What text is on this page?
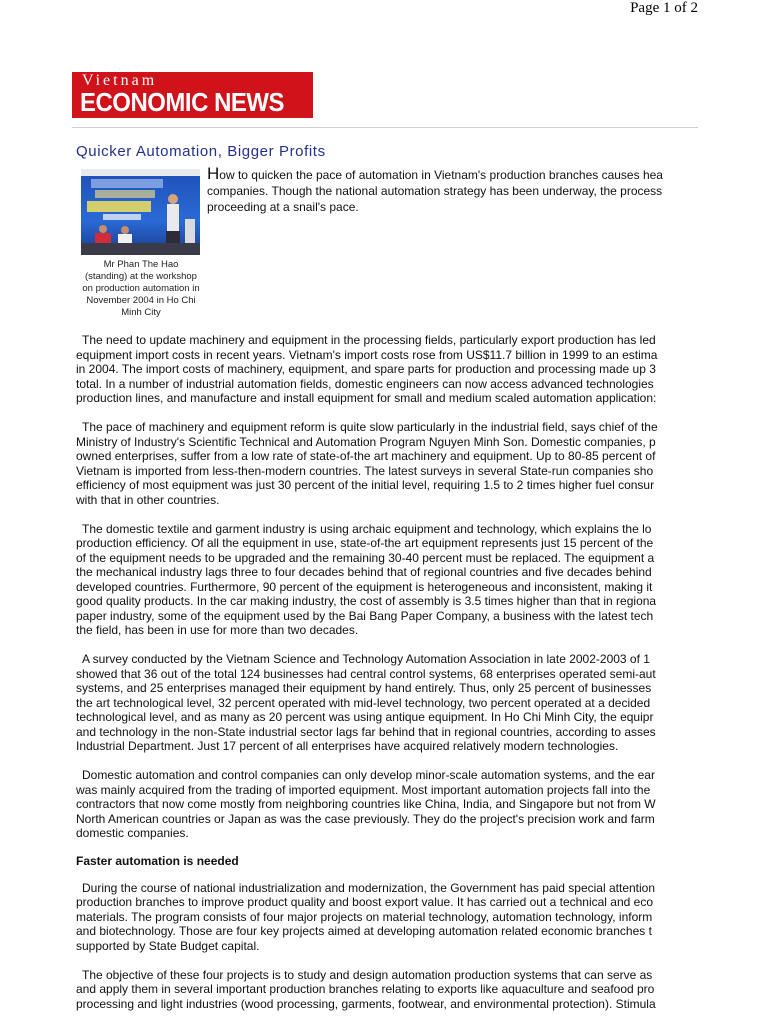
Page 1 of 2
Vietnam
ECONOMIC NEWS
Quicker Automation, Bigger Profits
Mr Phan The Hao
(standing) at the workshop
on production automation in
November 2004 in Ho Chi
Minh City
How to quicken the pace of automation in Vietnam's production branches causes hea
companies. Though the national automation strategy has been underway, the process
proceeding at a snail's pace.
The need to update machinery and equipment in the processing fields, particularly export production has led
equipment import costs in recent years. Vietnam's import costs rose from US$11.7 billion in 1999 to an estima
in 2004. The import costs of machinery, equipment, and spare parts for production and processing made up 3
total. In a number of industrial automation fields, domestic engineers can now access advanced technologies
production lines, and manufacture and install equipment for small and medium scaled automation application:
The pace of machinery and equipment reform is quite slow particularly in the industrial field, says chief of the
Ministry of Industry's Scientific Technical and Automation Program Nguyen Minh Son. Domestic companies, p
owned enterprises, suffer from a low rate of state-of-the art machinery and equipment. Up to 80-85 percent of
Vietnam is imported from less-then-modern countries. The latest surveys in several State-run companies sho
efficiency of most equipment was just 30 percent of the initial level, requiring 1.5 to 2 times higher fuel consur
with that in other countries.
The domestic textile and garment industry is using archaic equipment and technology, which explains the lo
production efficiency. Of all the equipment in use, state-of-the art equipment represents just 15 percent of the
of the equipment needs to be upgraded and the remaining 30-40 percent must be replaced. The equipment a
the mechanical industry lags three to four decades behind that of regional countries and five decades behind
developed countries. Furthermore, 90 percent of the equipment is heterogeneous and inconsistent, making it
good quality products. In the car making industry, the cost of assembly is 3.5 times higher than that in regiona
paper industry, some of the equipment used by the Bai Bang Paper Company, a business with the latest tech
the field, has been in use for more than two decades.
A survey conducted by the Vietnam Science and Technology Automation Association in late 2002-2003 of 1
showed that 36 out of the total 124 businesses had central control systems, 68 enterprises operated semi-aut
systems, and 25 enterprises managed their equipment by hand entirely. Thus, only 25 percent of businesses
the art technological level, 32 percent operated with mid-level technology, two percent operated at a decided
technological level, and as many as 20 percent was using antique equipment. In Ho Chi Minh City, the equipr
and technology in the non-State industrial sector lags far behind that in regional countries, according to asses
Industrial Department. Just 17 percent of all enterprises have acquired relatively modern technologies.
Domestic automation and control companies can only develop minor-scale automation systems, and the ear
was mainly acquired from the trading of imported equipment. Most important automation projects fall into the
contractors that now come mostly from neighboring countries like China, India, and Singapore but not from W
North American countries or Japan as was the case previously. They do the project's precision work and farm
domestic companies.
Faster automation is needed
During the course of national industrialization and modernization, the Government has paid special attention
production branches to improve product quality and boost export value. It has carried out a technical and eco
materials. The program consists of four major projects on material technology, automation technology, inform
and biotechnology. Those are four key projects aimed at developing automation related economic branches t
supported by State Budget capital.
The objective of these four projects is to study and design automation production systems that can serve as
and apply them in several important production branches relating to exports like aquaculture and seafood pro
processing and light industries (wood processing, garments, footwear, and environmental protection). Stimula
